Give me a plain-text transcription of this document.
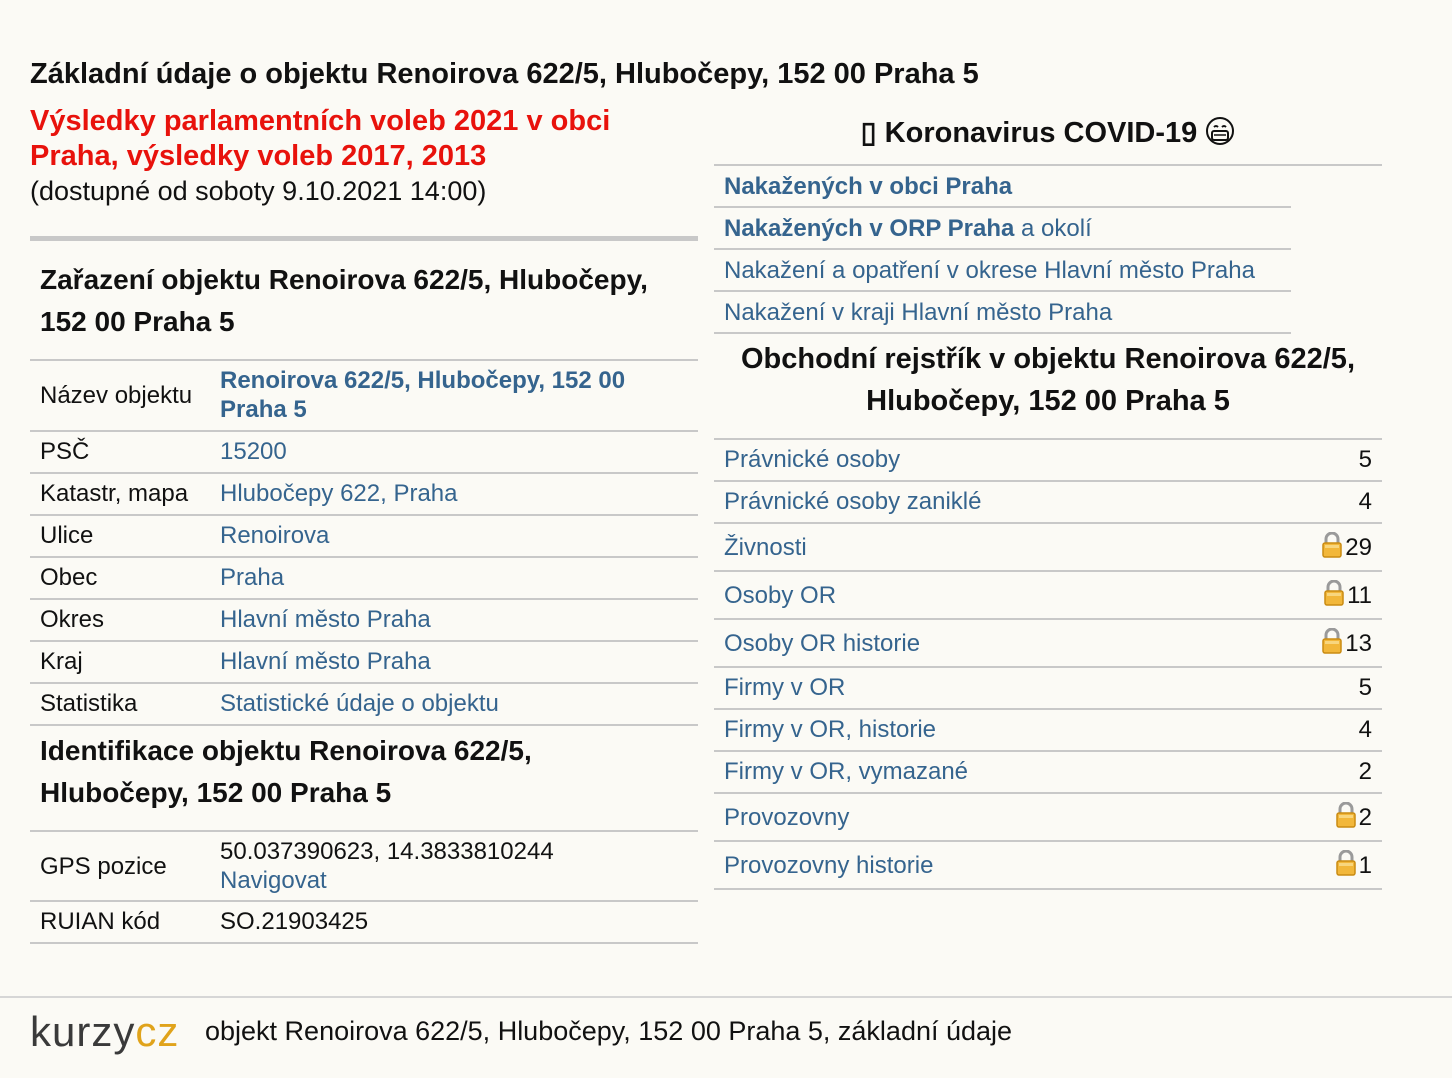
Základní údaje o objektu Renoirova 622/5, Hlubočepy, 152 00 Praha 5
Výsledky parlamentních voleb 2021 v obci Praha, výsledky voleb 2017, 2013
(dostupné od soboty 9.10.2021 14:00)
Zařazení objektu Renoirova 622/5, Hlubočepy, 152 00 Praha 5
Název objektu	Renoirova 622/5, Hlubočepy, 152 00 Praha 5
PSČ	15200
Katastr, mapa	Hlubočepy 622, Praha
Ulice	Renoirova
Obec	Praha
Okres	Hlavní město Praha
Kraj	Hlavní město Praha
Statistika	Statistické údaje o objektu
Identifikace objektu Renoirova 622/5, Hlubočepy, 152 00 Praha 5
GPS pozice	50.037390623, 14.3833810244
Navigovat
RUIAN kód	SO.21903425
▯ Koronavirus COVID-19
Nakažených v obci Praha
Nakažených v ORP Praha a okolí
Nakažení a opatření v okrese Hlavní město Praha
Nakažení v kraji Hlavní město Praha
Obchodní rejstřík v objektu Renoirova 622/5, Hlubočepy, 152 00 Praha 5
Právnické osoby	5
Právnické osoby zaniklé	4
Živnosti	29
Osoby OR	11
Osoby OR historie	13
Firmy v OR	5
Firmy v OR, historie	4
Firmy v OR, vymazané	2
Provozovny	2
Provozovny historie	1
kurzycz objekt Renoirova 622/5, Hlubočepy, 152 00 Praha 5, základní údaje
